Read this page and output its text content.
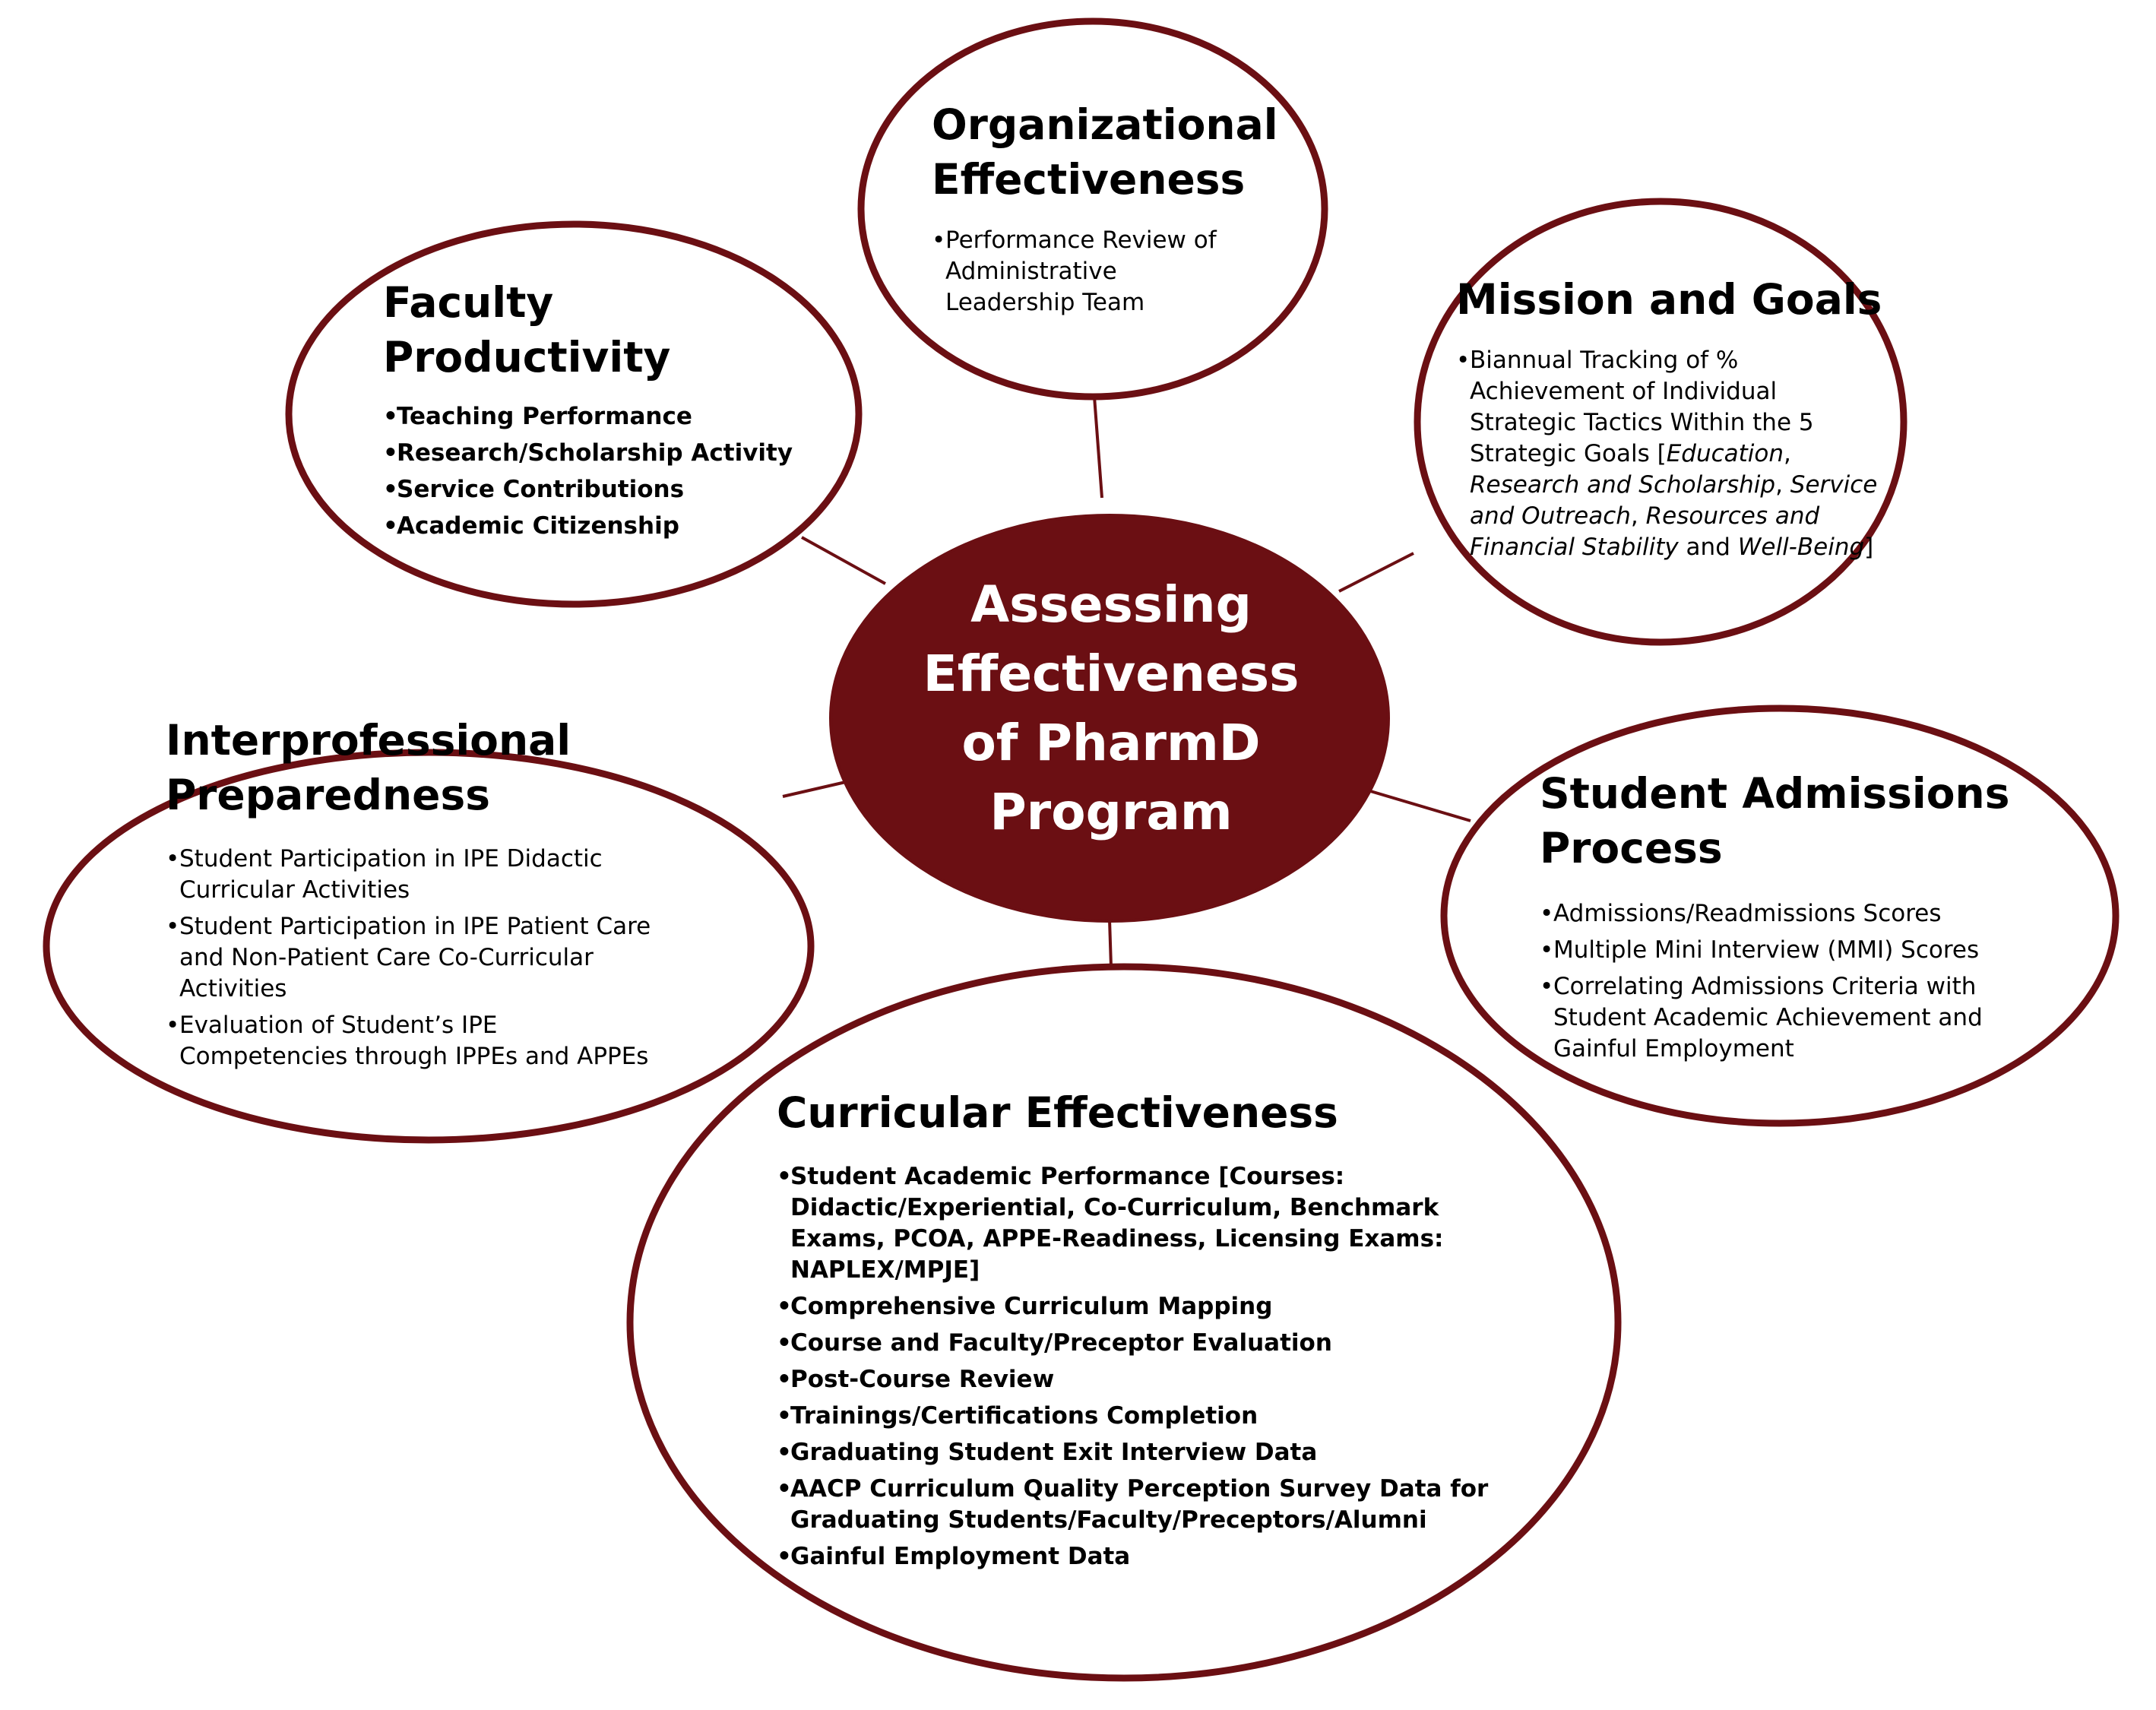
Assessing
Effectiveness
of PharmD
Program
Organizational
Effectiveness
• Performance Review of Administrative Leadership Team	Mission and Goals
• Biannual Tracking of % Achievement of Individual Strategic Tactics Within the 5 Strategic Goals [Education, Research and Scholarship, Service and Outreach, Resources and Financial Stability and Well-Being]
Faculty
Productivity
• Teaching Performance
• Research/Scholarship Activity
• Service Contributions
• Academic Citizenship
Interprofessional
Preparedness
• Student Participation in IPE Didactic Curricular Activities
• Student Participation in IPE Patient Care and Non-Patient Care Co-Curricular Activities
• Evaluation of Student’s IPE Competencies through IPPEs and APPEs
Student Admissions
Process
• Admissions/Readmissions Scores
• Multiple Mini Interview (MMI) Scores
• Correlating Admissions Criteria with Student Academic Achievement and Gainful Employment
Curricular Effectiveness
• Student Academic Performance [Courses: Didactic/Experiential, Co-Curriculum, Benchmark Exams, PCOA, APPE-Readiness, Licensing Exams: NAPLEX/MPJE]
• Comprehensive Curriculum Mapping
• Course and Faculty/Preceptor Evaluation
• Post-Course Review
• Trainings/Certifications Completion
• Graduating Student Exit Interview Data
• AACP Curriculum Quality Perception Survey Data for Graduating Students/Faculty/Preceptors/Alumni
• Gainful Employment Data
